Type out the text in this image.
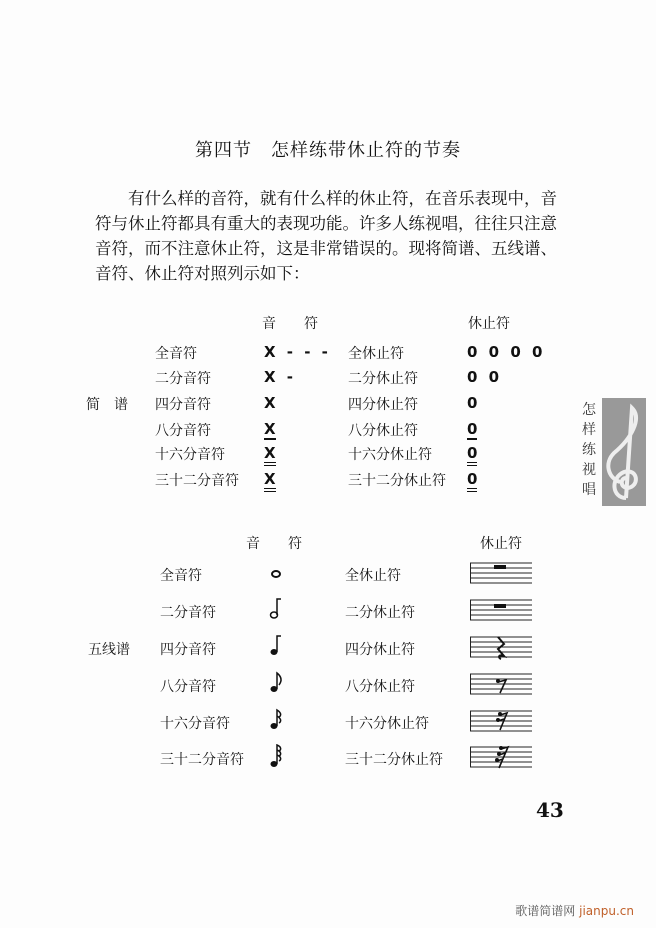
第四节　怎样练带休止符的节奏
有什么样的音符，就有什么样的休止符，在音乐表现中，音符与休止符都具有重大的表现功能。许多人练视唱，往往只注意音符，而不注意休止符，这是非常错误的。现将简谱、五线谱、音符、休止符对照列示如下：
音　　符	休止符
简　谱
全音符	X - - - 全休止符	0 0 0 0
二分音符	X -	二分休止符	0 0
四分音符	X	四分休止符	0
八分音符	X	八分休止符	0
十六分音符	X	十六分休止符 0
三十二分音符 X	三十二分休止符 0
音　　符	休止符
五线谱
全音符	全休止符
二分音符	二分休止符
四分音符	四分休止符
八分音符	八分休止符
十六分音符	十六分休止符
三十二分音符	三十二分休止符
怎样练视唱
43
歌谱简谱网 jianpu.cn
